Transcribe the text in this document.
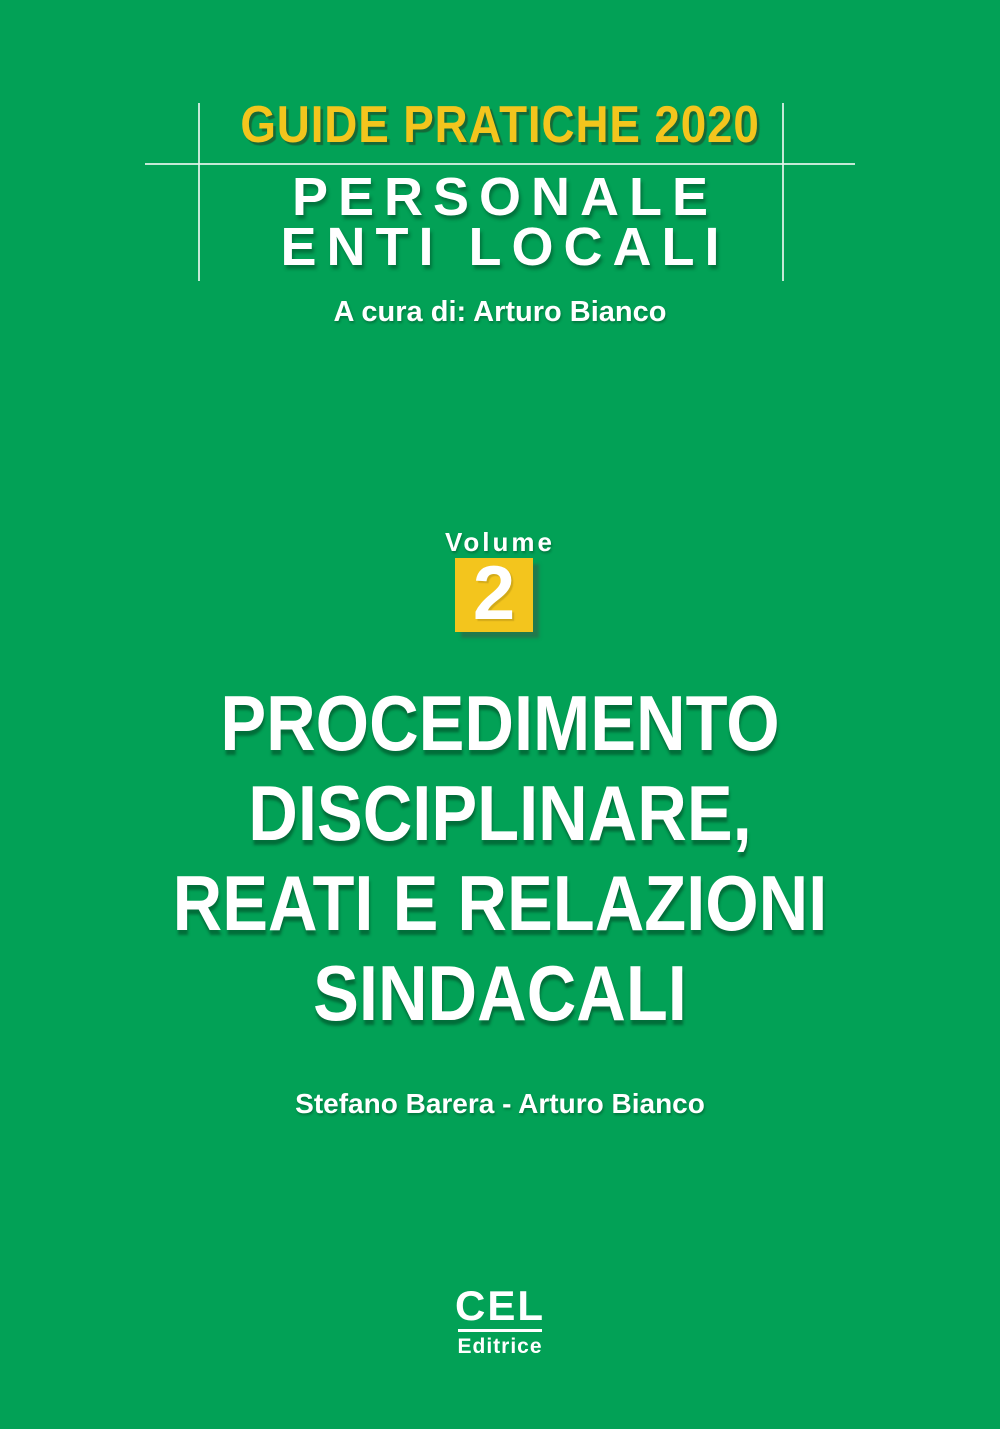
GUIDE PRATICHE 2020
PERSONALE
ENTI LOCALI
A cura di: Arturo Bianco
Volume
2
PROCEDIMENTO
DISCIPLINARE,
REATI E RELAZIONI
SINDACALI
Stefano Barera - Arturo Bianco
CEL
Editrice
